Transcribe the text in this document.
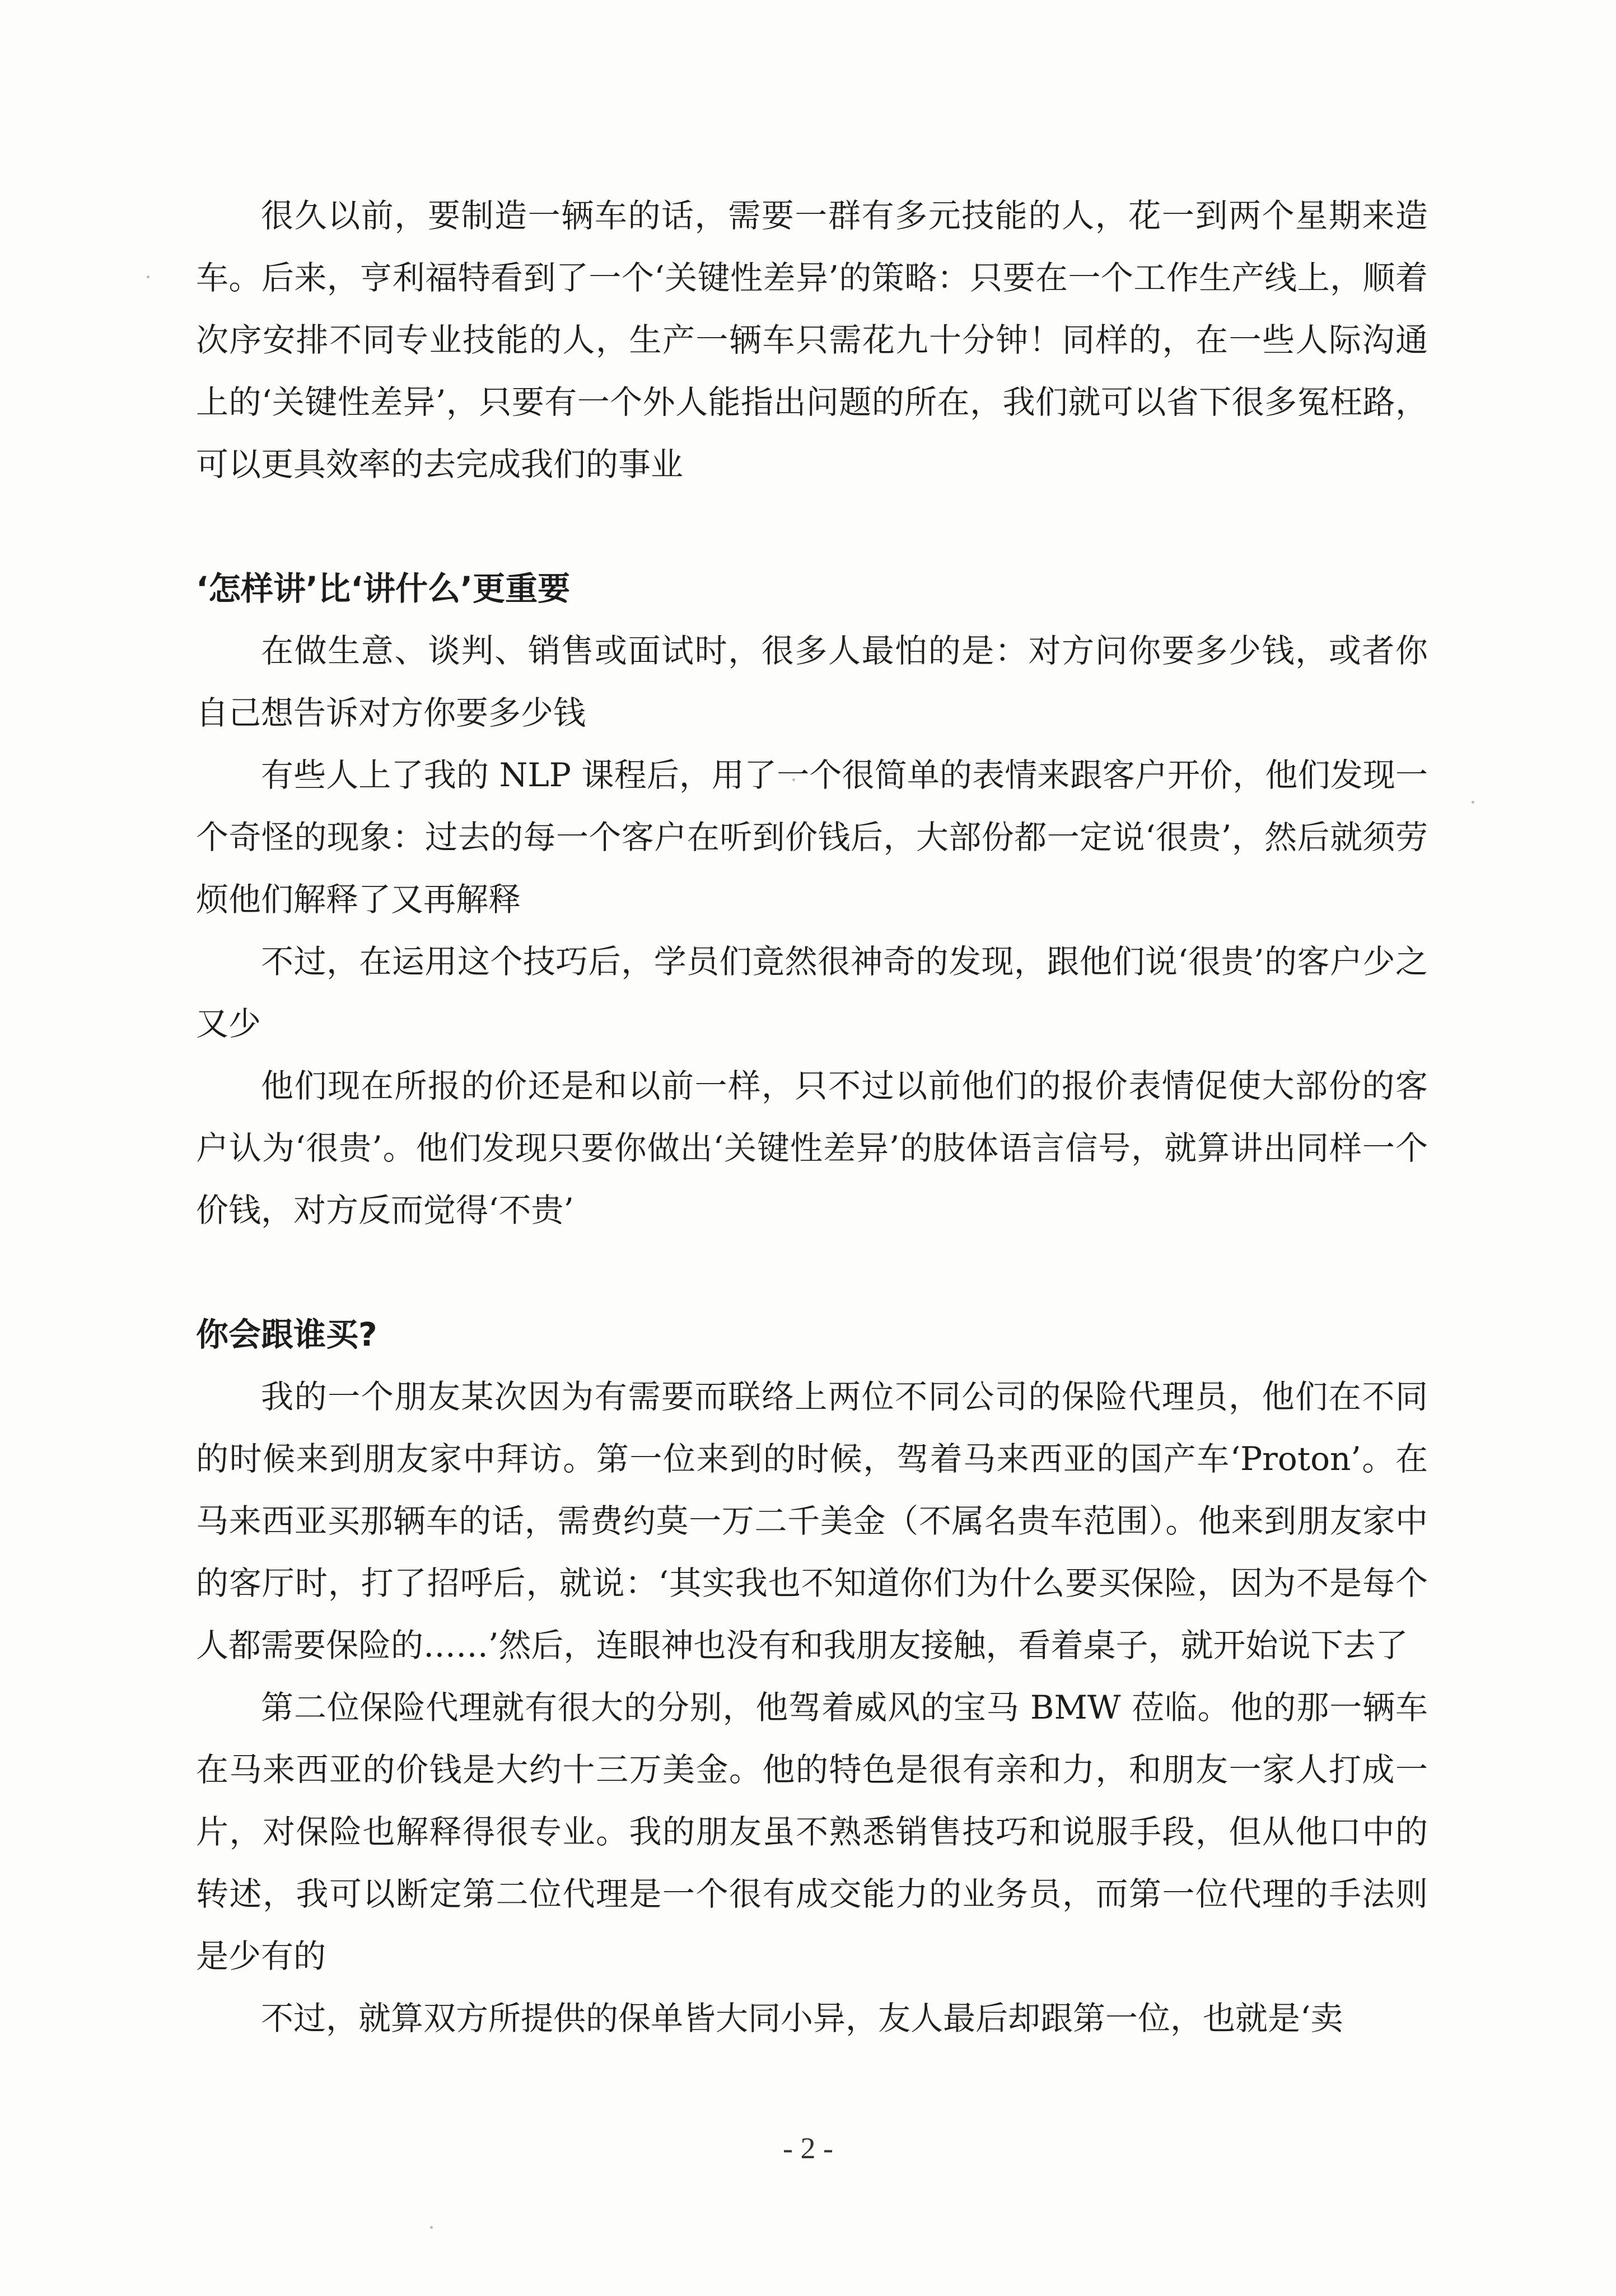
很久以前，要制造一辆车的话，需要一群有多元技能的人，花一到两个星期来造车。后来，亨利福特看到了一个‘关键性差异’的策略：只要在一个工作生产线上，顺着次序安排不同专业技能的人，生产一辆车只需花九十分钟！同样的，在一些人际沟通上的‘关键性差异’，只要有一个外人能指出问题的所在，我们就可以省下很多冤枉路，可以更具效率的去完成我们的事业

‘怎样讲’比‘讲什么’更重要

在做生意、谈判、销售或面试时，很多人最怕的是：对方问你要多少钱，或者你自己想告诉对方你要多少钱

有些人上了我的 NLP 课程后，用了一个很简单的表情来跟客户开价，他们发现一个奇怪的现象：过去的每一个客户在听到价钱后，大部份都一定说‘很贵’，然后就须劳烦他们解释了又再解释

不过，在运用这个技巧后，学员们竟然很神奇的发现，跟他们说‘很贵’的客户少之又少

他们现在所报的价还是和以前一样，只不过以前他们的报价表情促使大部份的客户认为‘很贵’。他们发现只要你做出‘关键性差异’的肢体语言信号，就算讲出同样一个价钱，对方反而觉得‘不贵’

你会跟谁买?

我的一个朋友某次因为有需要而联络上两位不同公司的保险代理员，他们在不同的时候来到朋友家中拜访。第一位来到的时候，驾着马来西亚的国产车‘Proton’。在马来西亚买那辆车的话，需费约莫一万二千美金（不属名贵车范围）。他来到朋友家中的客厅时，打了招呼后，就说：‘其实我也不知道你们为什么要买保险，因为不是每个人都需要保险的……’然后，连眼神也没有和我朋友接触，看着桌子，就开始说下去了

第二位保险代理就有很大的分别，他驾着威风的宝马 BMW 莅临。他的那一辆车在马来西亚的价钱是大约十三万美金。他的特色是很有亲和力，和朋友一家人打成一片，对保险也解释得很专业。我的朋友虽不熟悉销售技巧和说服手段，但从他口中的转述，我可以断定第二位代理是一个很有成交能力的业务员，而第一位代理的手法则是少有的

不过，就算双方所提供的保单皆大同小异，友人最后却跟第一位，也就是‘卖

- 2 -
